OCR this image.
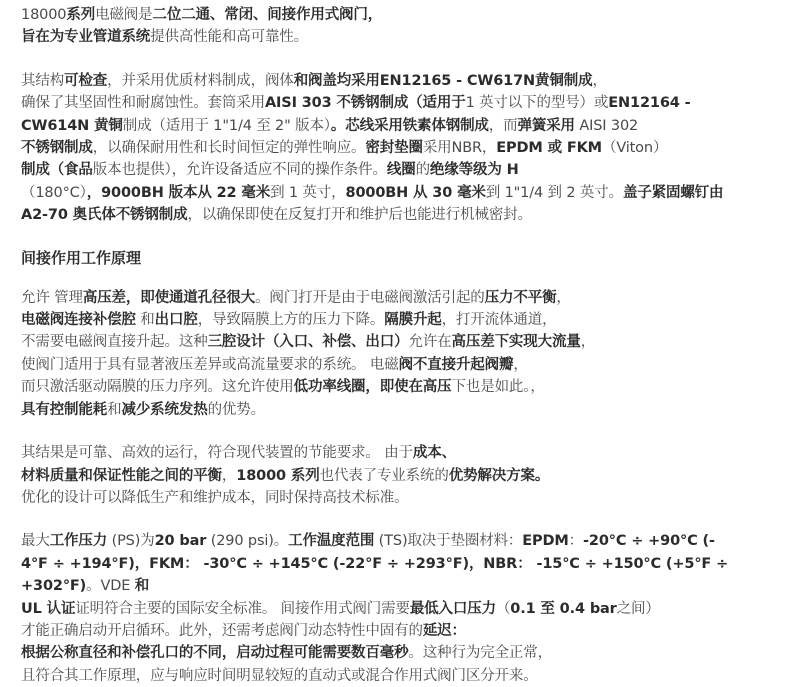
18000系列电磁阀是二位二通、常闭、间接作用式阀门，
旨在为专业管道系统提供高性能和高可靠性。
其结构可检查，并采用优质材料制成，阀体和阀盖均采用EN12165 - CW617N黄铜制成，
确保了其坚固性和耐腐蚀性。套筒采用AISI 303 不锈钢制成（适用于1 英寸以下的型号）或EN12164 -
CW614N 黄铜制成（适用于 1"1/4 至 2" 版本）。芯线采用铁素体钢制成，而弹簧采用 AISI 302
不锈钢制成，以确保耐用性和长时间恒定的弹性响应。密封垫圈采用NBR，EPDM 或 FKM（Viton）
制成（食品版本也提供），允许设备适应不同的操作条件。线圈的绝缘等级为 H
（180°C），9000BH 版本从 22 毫米到 1 英寸，8000BH 从 30 毫米到 1"1/4 到 2 英寸。盖子紧固螺钉由
A2-70 奥氏体不锈钢制成，以确保即使在反复打开和维护后也能进行机械密封。
间接作用工作原理
允许 管理高压差，即使通道孔径很大。阀门打开是由于电磁阀激活引起的压力不平衡，
电磁阀连接补偿腔 和出口腔，导致隔膜上方的压力下降。隔膜升起，打开流体通道，
不需要电磁阀直接升起。这种三腔设计（入口、补偿、出口）允许在高压差下实现大流量，
使阀门适用于具有显著液压差异或高流量要求的系统。 电磁阀不直接升起阀瓣，
而只激活驱动隔膜的压力序列。这允许使用低功率线圈，即使在高压下也是如此。，
具有控制能耗和减少系统发热的优势。
其结果是可靠、高效的运行，符合现代装置的节能要求。 由于成本、
材料质量和保证性能之间的平衡，18000 系列也代表了专业系统的优势解决方案。
优化的设计可以降低生产和维护成本，同时保持高技术标准。
最大工作压力 (PS)为20 bar (290 psi)。工作温度范围 (TS)取决于垫圈材料：EPDM：-20°C ÷ +90°C (-
4°F ÷ +194°F)，FKM： -30°C ÷ +145°C (-22°F ÷ +293°F)，NBR： -15°C ÷ +150°C (+5°F ÷ +302°F)。VDE 和
UL 认证证明符合主要的国际安全标准。 间接作用式阀门需要最低入口压力（0.1 至 0.4 bar之间）
才能正确启动开启循环。此外，还需考虑阀门动态特性中固有的延迟：
根据公称直径和补偿孔口的不同，启动过程可能需要数百毫秒。这种行为完全正常，
且符合其工作原理，应与响应时间明显较短的直动式或混合作用式阀门区分开来。
